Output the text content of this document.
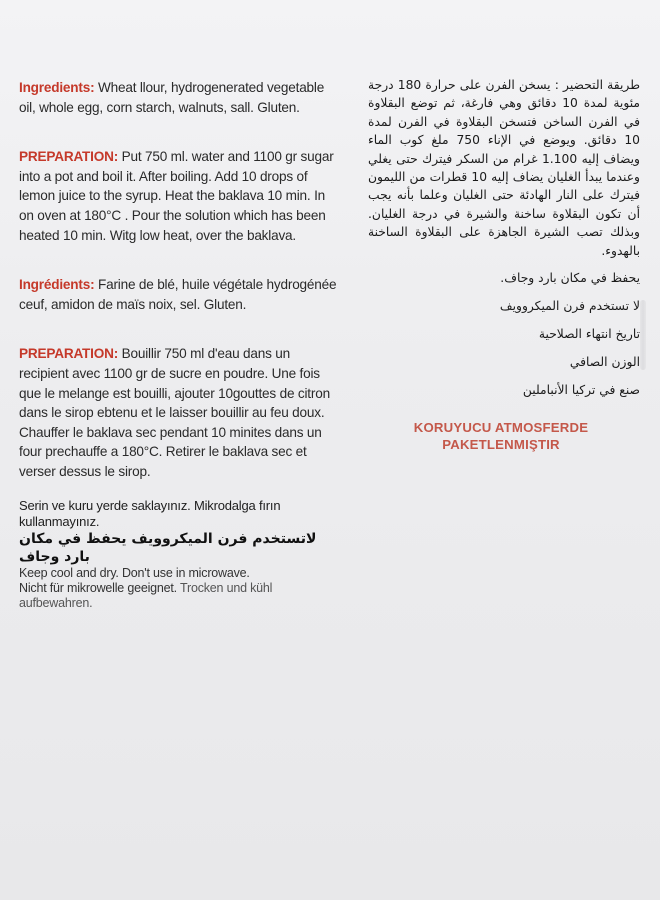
Ingredients: Wheat llour, hydrogenerated vegetable oil, whole egg, corn starch, walnuts, sall. Gluten.

PREPARATION: Put 750 ml. water and 1100 gr sugar into a pot and boil it. After boiling. Add 10 drops of lemon juice to the syrup. Heat the baklava 10 min. In on oven at 180°C . Pour the solution which has been heated 10 min. Witg low heat, over the baklava.

Ingrédients: Farine de blé, huile végétale hydrogénée ceuf, amidon de maïs noix, sel. Gluten.

PREPARATION: Bouillir 750 ml d'eau dans un recipient avec 1100 gr de sucre en poudre. Une fois que le melange est bouilli, ajouter 10gouttes de citron dans le sirop ebtenu et le laisser bouillir au feu doux. Chauffer le baklava sec pendant 10 minites dans un four prechauffe a 180°C. Retirer le baklava sec et verser dessus le sirop.

Serin ve kuru yerde saklayınız. Mikrodalga fırın kullanmayınız.
لاتستخدم فرن الميكروويف يحفظ في مكان بارد وجاف
Keep cool and dry. Don't use in microwave.
Nicht für mikrowelle geeignet. Trocken und kühl aufbewahren.

طريقة التحضير : يسخن الفرن على حرارة 180 درجة مئوية لمدة 10 دقائق وهي فارغة، ثم توضع البقلاوة في الفرن الساخن فتسخن البقلاوة في الفرن لمدة 10 دقائق. ويوضع في الإناء 750 ملغ كوب الماء ويضاف إليه 1.100 غرام من السكر فيترك حتى يغلي وعندما يبدأ الغليان يضاف إليه 10 قطرات من الليمون فيترك على النار الهادئة حتى الغليان وعلما بأنه يجب أن تكون البقلاوة ساخنة والشيرة في درجة الغليان. وبذلك تصب الشيرة الجاهزة على البقلاوة الساخنة بالهدوء.

يحفظ في مكان بارد وجاف.

لا تستخدم فرن الميكروويف

تاريخ انتهاء الصلاحية

الوزن الصافي

صنع في تركيا الأنباملين

KORUYUCU ATMOSFERDE
PAKETLENMIŞTIR
